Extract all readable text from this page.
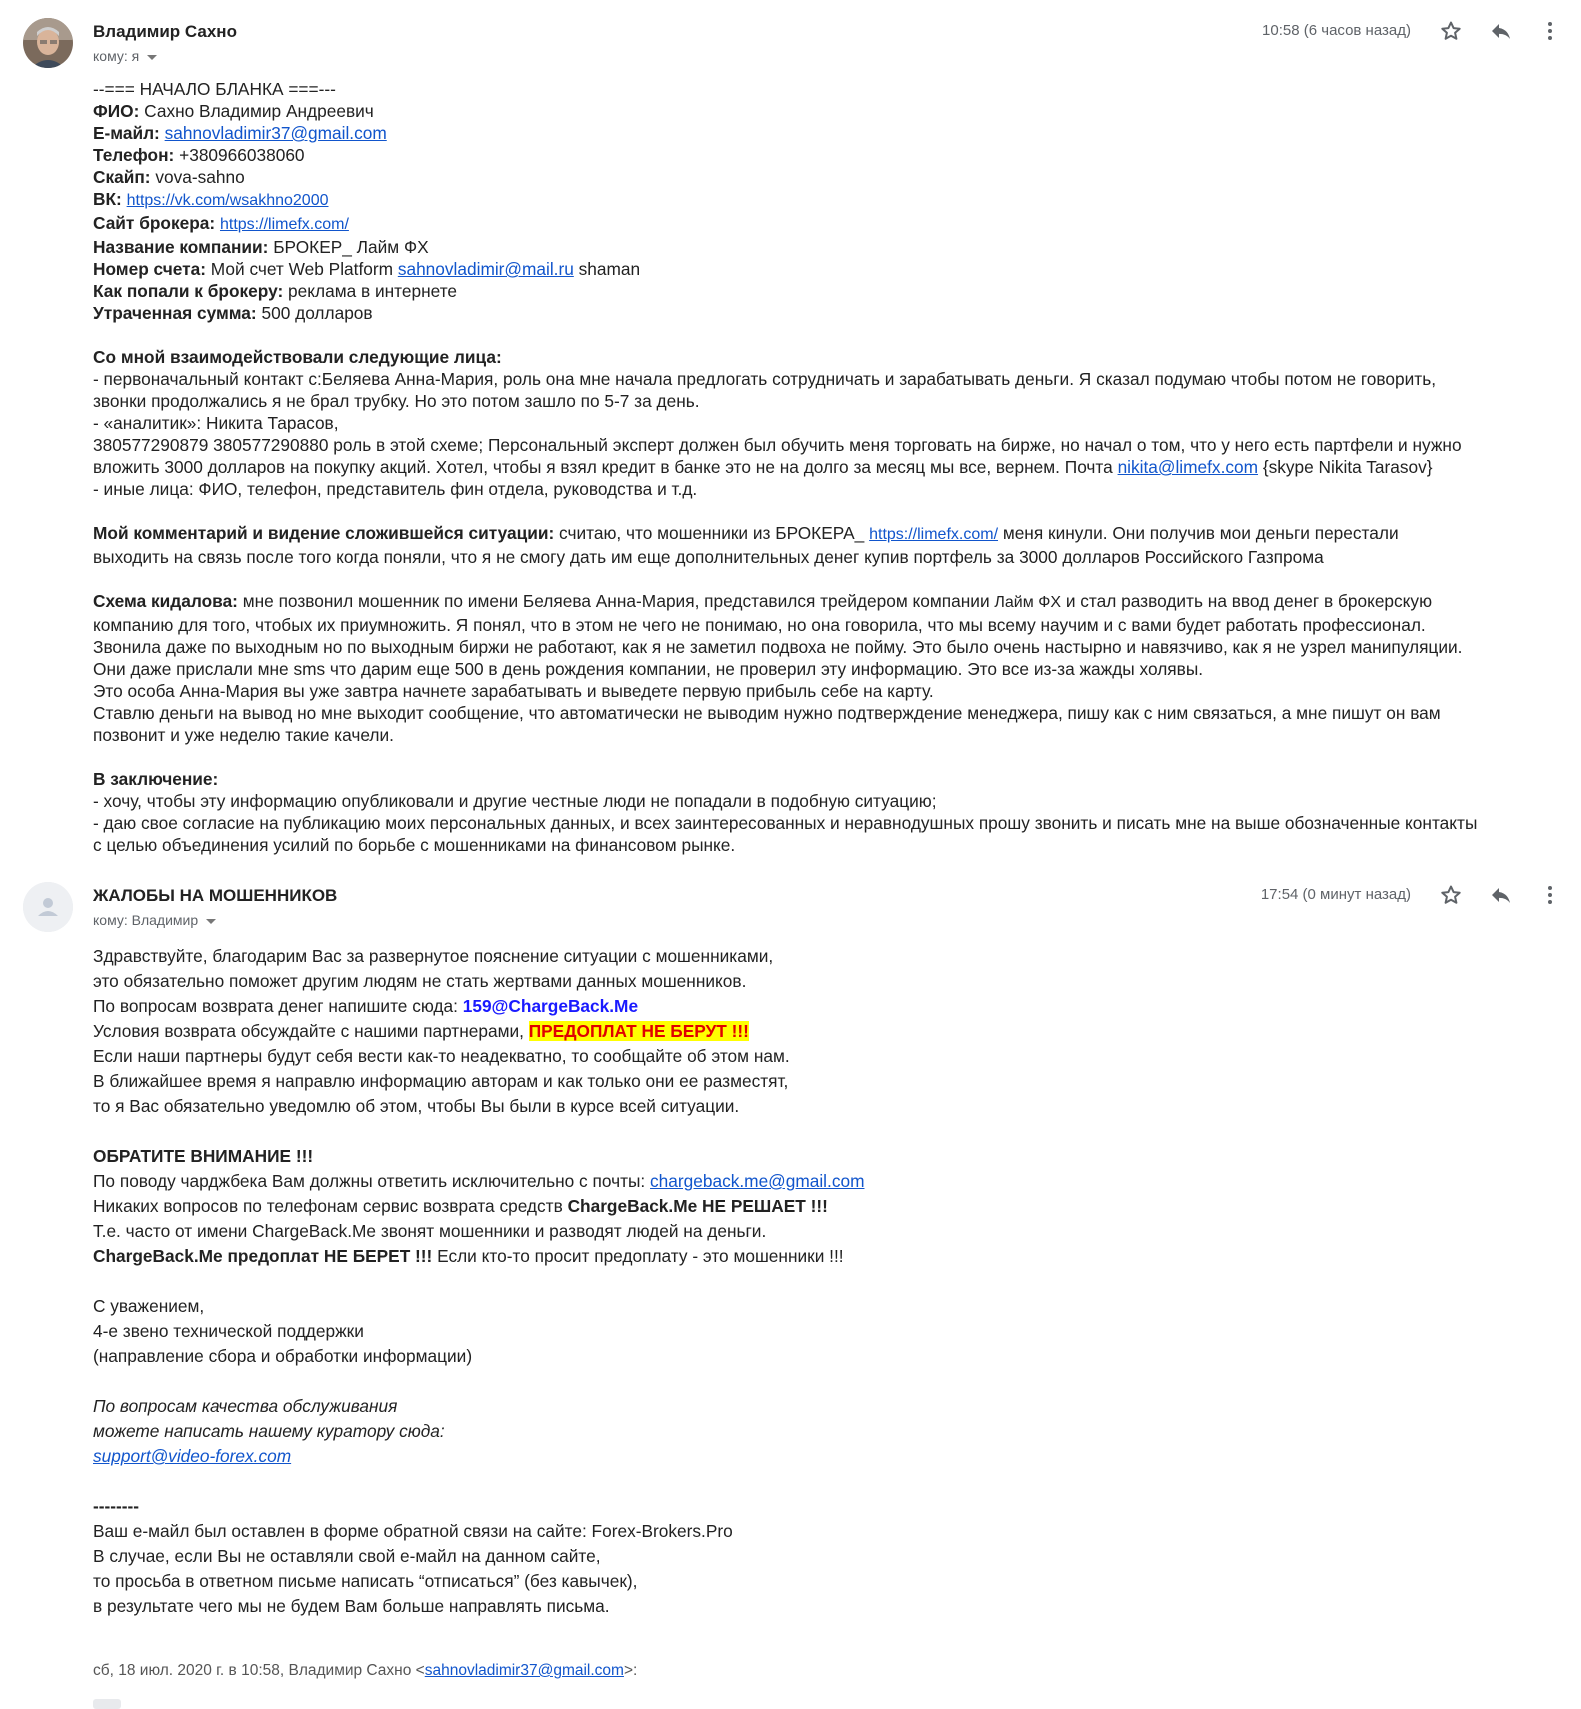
Владимир Сахно
кому: я
10:58 (6 часов назад)

--=== НАЧАЛО БЛАНКА ===---

ФИО: Сахно Владимир Андреевич

Е-майл: sahnovladimir37@gmail.com

Телефон: +380966038060

Скайп: vova-sahno

ВК: https://vk.com/wsakhno2000

Сайт брокера: https://limefx.com/

Название компании: БРОКЕР_ Лайм ФХ

Номер счета: Мой счет Web Platform sahnovladimir@mail.ru shaman

Как попали к брокеру: реклама в интернете

Утраченная сумма: 500 долларов

Со мной взаимодействовали следующие лица:

- первоначальный контакт с:Беляева Анна-Мария, роль она мне начала предлогать сотрудничать и зарабатывать деньги. Я сказал подумаю чтобы потом не говорить,

звонки продолжались я не брал трубку. Но это потом зашло по 5-7 за день.

- «аналитик»: Никита Тарасов,

380577290879 380577290880 роль в этой схеме; Персональный эксперт должен был обучить меня торговать на бирже, но начал о том, что у него есть партфели и нужно

вложить 3000 долларов на покупку акций. Хотел, чтобы я взял кредит в банке это не на долго за месяц мы все, вернем. Почта nikita@limefx.com {skype Nikita Tarasov}

- иные лица: ФИО, телефон, представитель фин отдела, руководства и т.д.

Мой комментарий и видение сложившейся ситуации: считаю, что мошенники из БРОКЕРА_ https://limefx.com/ меня кинули. Они получив мои деньги перестали

выходить на связь после того когда поняли, что я не смогу дать им еще дополнительных денег купив портфель за 3000 долларов Российского Газпрома

Схема кидалова: мне позвонил мошенник по имени Беляева Анна-Мария, представился трейдером компании Лайм ФХ и стал разводить на ввод денег в брокерскую

компанию для того, чтобых их приумножить. Я понял, что в этом не чего не понимаю, но она говорила, что мы всему научим и с вами будет работать профессионал.

Звонила даже по выходным но по выходным биржи не работают, как я не заметил подвоха не пойму. Это было очень настырно и навязчиво, как я не узрел манипуляции.

Они даже прислали мне sms что дарим еще 500 в день рождения компании, не проверил эту информацию. Это все из-за жажды холявы.

Это особа Анна-Мария вы уже завтра начнете зарабатывать и выведете первую прибыль себе на карту.

Ставлю деньги на вывод но мне выходит сообщение, что автоматически не выводим нужно подтверждение менеджера, пишу как с ним связаться, а мне пишут он вам

позвонит и уже неделю такие качели.

В заключение:

- хочу, чтобы эту информацию опубликовали и другие честные люди не попадали в подобную ситуацию;

- даю свое согласие на публикацию моих персональных данных, и всех заинтересованных и неравнодушных прошу звонить и писать мне на выше обозначенные контакты

с целью объединения усилий по борьбе с мошенниками на финансовом рынке.

ЖАЛОБЫ НА МОШЕННИКОВ
кому: Владимир
17:54 (0 минут назад)

Здравствуйте, благодарим Вас за развернутое пояснение ситуации с мошенниками,

это обязательно поможет другим людям не стать жертвами данных мошенников.

По вопросам возврата денег напишите сюда: 159@ChargeBack.Me

Условия возврата обсуждайте с нашими партнерами, ПРЕДОПЛАТ НЕ БЕРУТ !!!

Если наши партнеры будут себя вести как-то неадекватно, то сообщайте об этом нам.

В ближайшее время я направлю информацию авторам и как только они ее разместят,

то я Вас обязательно уведомлю об этом, чтобы Вы были в курсе всей ситуации.

ОБРАТИТЕ ВНИМАНИЕ !!!

По поводу чарджбека Вам должны ответить исключительно с почты: chargeback.me@gmail.com

Никаких вопросов по телефонам сервис возврата средств ChargeBack.Me НЕ РЕШАЕТ !!!

Т.е. часто от имени ChargeBack.Me звонят мошенники и разводят людей на деньги.

ChargeBack.Me предоплат НЕ БЕРЕТ !!! Если кто-то просит предоплату - это мошенники !!!

С уважением,

4-е звено технической поддержки

(направление сбора и обработки информации)

По вопросам качества обслуживания

можете написать нашему куратору сюда:

support@video-forex.com

--------

Ваш е-майл был оставлен в форме обратной связи на сайте: Forex-Brokers.Pro

В случае, если Вы не оставляли свой е-майл на данном сайте,

то просьба в ответном письме написать “отписаться” (без кавычек),

в результате чего мы не будем Вам больше направлять письма.

сб, 18 июл. 2020 г. в 10:58, Владимир Сахно <sahnovladimir37@gmail.com>:
